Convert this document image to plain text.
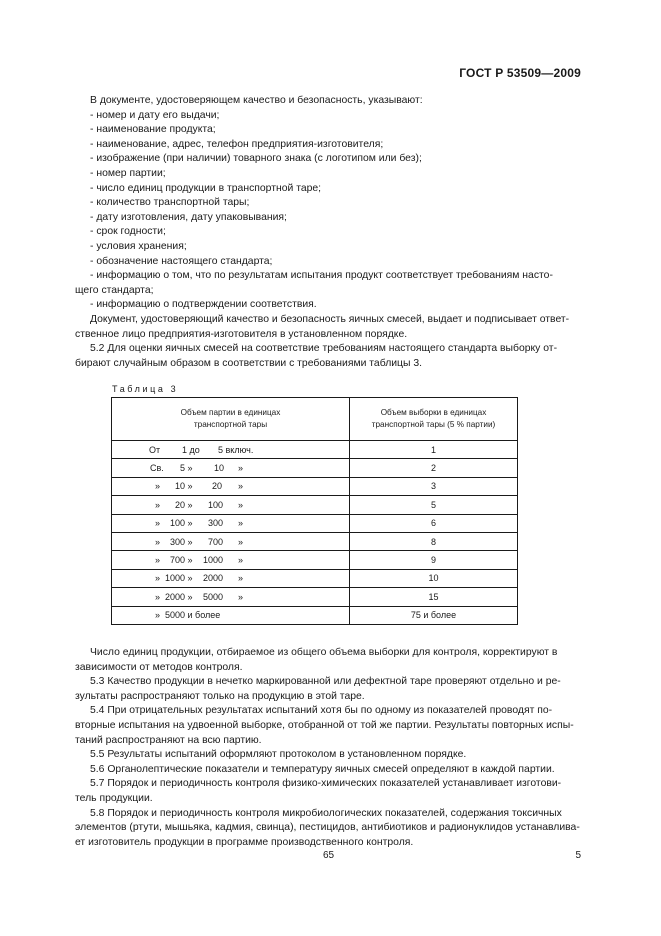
ГОСТ Р 53509—2009

В документе, удостоверяющем качество и безопасность, указывают:

- номер и дату его выдачи;

- наименование продукта;

- наименование, адрес, телефон предприятия-изготовителя;

- изображение (при наличии) товарного знака (с логотипом или без);

- номер партии;

- число единиц продукции в транспортной таре;

- количество транспортной тары;

- дату изготовления, дату упаковывания;

- срок годности;

- условия хранения;

- обозначение настоящего стандарта;

- информацию о том, что по результатам испытания продукт соответствует требованиям насто-

щего стандарта;

- информацию о подтверждении соответствия.

Документ, удостоверяющий качество и безопасность яичных смесей, выдает и подписывает ответ-

ственное лицо предприятия-изготовителя в установленном порядке.

5.2 Для оценки яичных смесей на соответствие требованиям настоящего стандарта выборку от-

бирают случайным образом в соответствии с требованиями таблицы 3.

Таблица 3
Объем партии в единицах
транспортной тары	Объем выборки в единицах
транспортной тары (5 % партии)

От 1 до 5 включ.	1

Св. 5 » 10 »	2

» 10 » 20 »	3

» 20 » 100 »	5

» 100 » 300 »	6

» 300 » 700 »	8

» 700 » 1000 »	9

» 1000 » 2000 »	10

» 2000 » 5000 »	15

» 5000 и более	75 и более

Число единиц продукции, отбираемое из общего объема выборки для контроля, корректируют в

зависимости от методов контроля.

5.3 Качество продукции в нечетко маркированной или дефектной таре проверяют отдельно и ре-

зультаты распространяют только на продукцию в этой таре.

5.4 При отрицательных результатах испытаний хотя бы по одному из показателей проводят по-

вторные испытания на удвоенной выборке, отобранной от той же партии. Результаты повторных испы-

таний распространяют на всю партию.

5.5 Результаты испытаний оформляют протоколом в установленном порядке.

5.6 Органолептические показатели и температуру яичных смесей определяют в каждой партии.

5.7 Порядок и периодичность контроля физико-химических показателей устанавливает изготови-

тель продукции.

5.8 Порядок и периодичность контроля микробиологических показателей, содержания токсичных

элементов (ртути, мышьяка, кадмия, свинца), пестицидов, антибиотиков и радионуклидов устанавлива-

ет изготовитель продукции в программе производственного контроля.

65	5
